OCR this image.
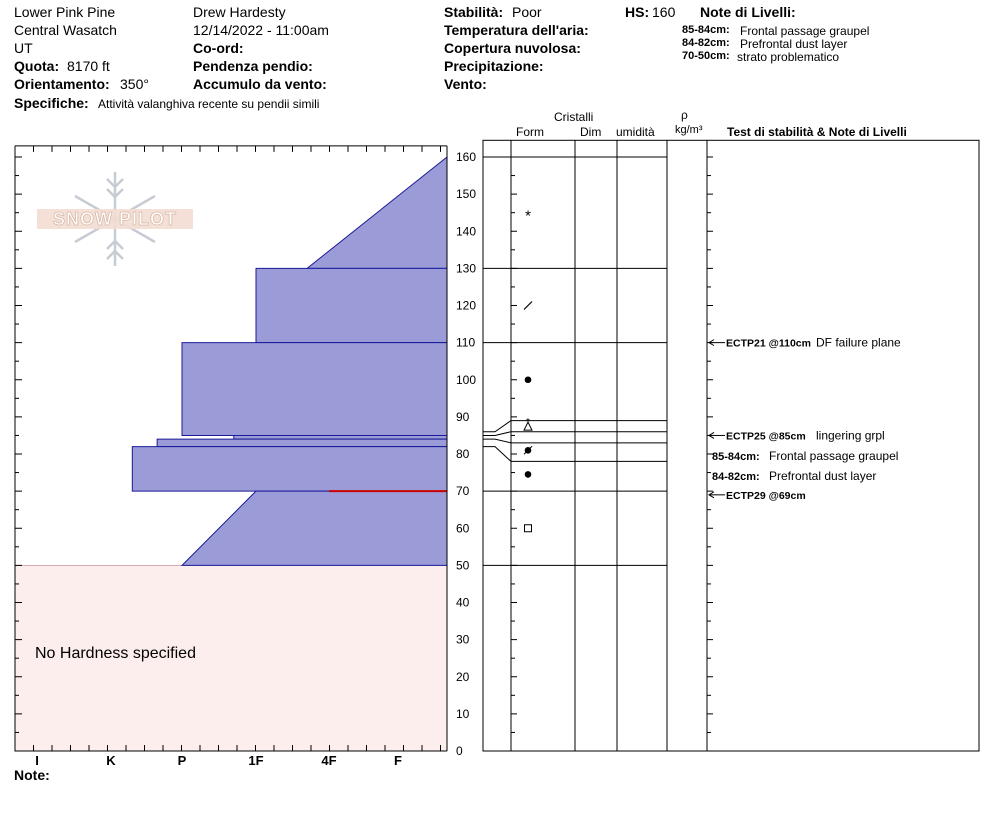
Lower Pink Pine
Central Wasatch
UT
Quota: 8170 ft
Orientamento: 350°
Specifiche: Attività valanghiva recente su pendii simili
Drew Hardesty
12/14/2022 - 11:00am
Co-ord:
Pendenza pendio:
Accumulo da vento:
Stabilità: Poor
Temperatura dell'aria:
Copertura nuvolosa:
Precipitazione:
Vento:
HS: 160 Note di Livelli:
85-84cm: Frontal passage graupel
84-82cm: Prefrontal dust layer
70-50cm: strato problematico
Cristalli
Form	Dim umidità
ρ
kg/m³ Test di stabilità & Note di Livelli
I	K	P	1F	4F	F
0
10
20
30
40
50
60
70
80
90
100
110
120
130
140
150
160
*
*
ECTP21 @110cm DF failure plane
ECTP25 @85cm lingering grpl
ECTP29 @69cm
85-84cm: Frontal passage graupel
84-82cm: Prefrontal dust layer
SNOW PILOT
No Hardness specified
Note:
